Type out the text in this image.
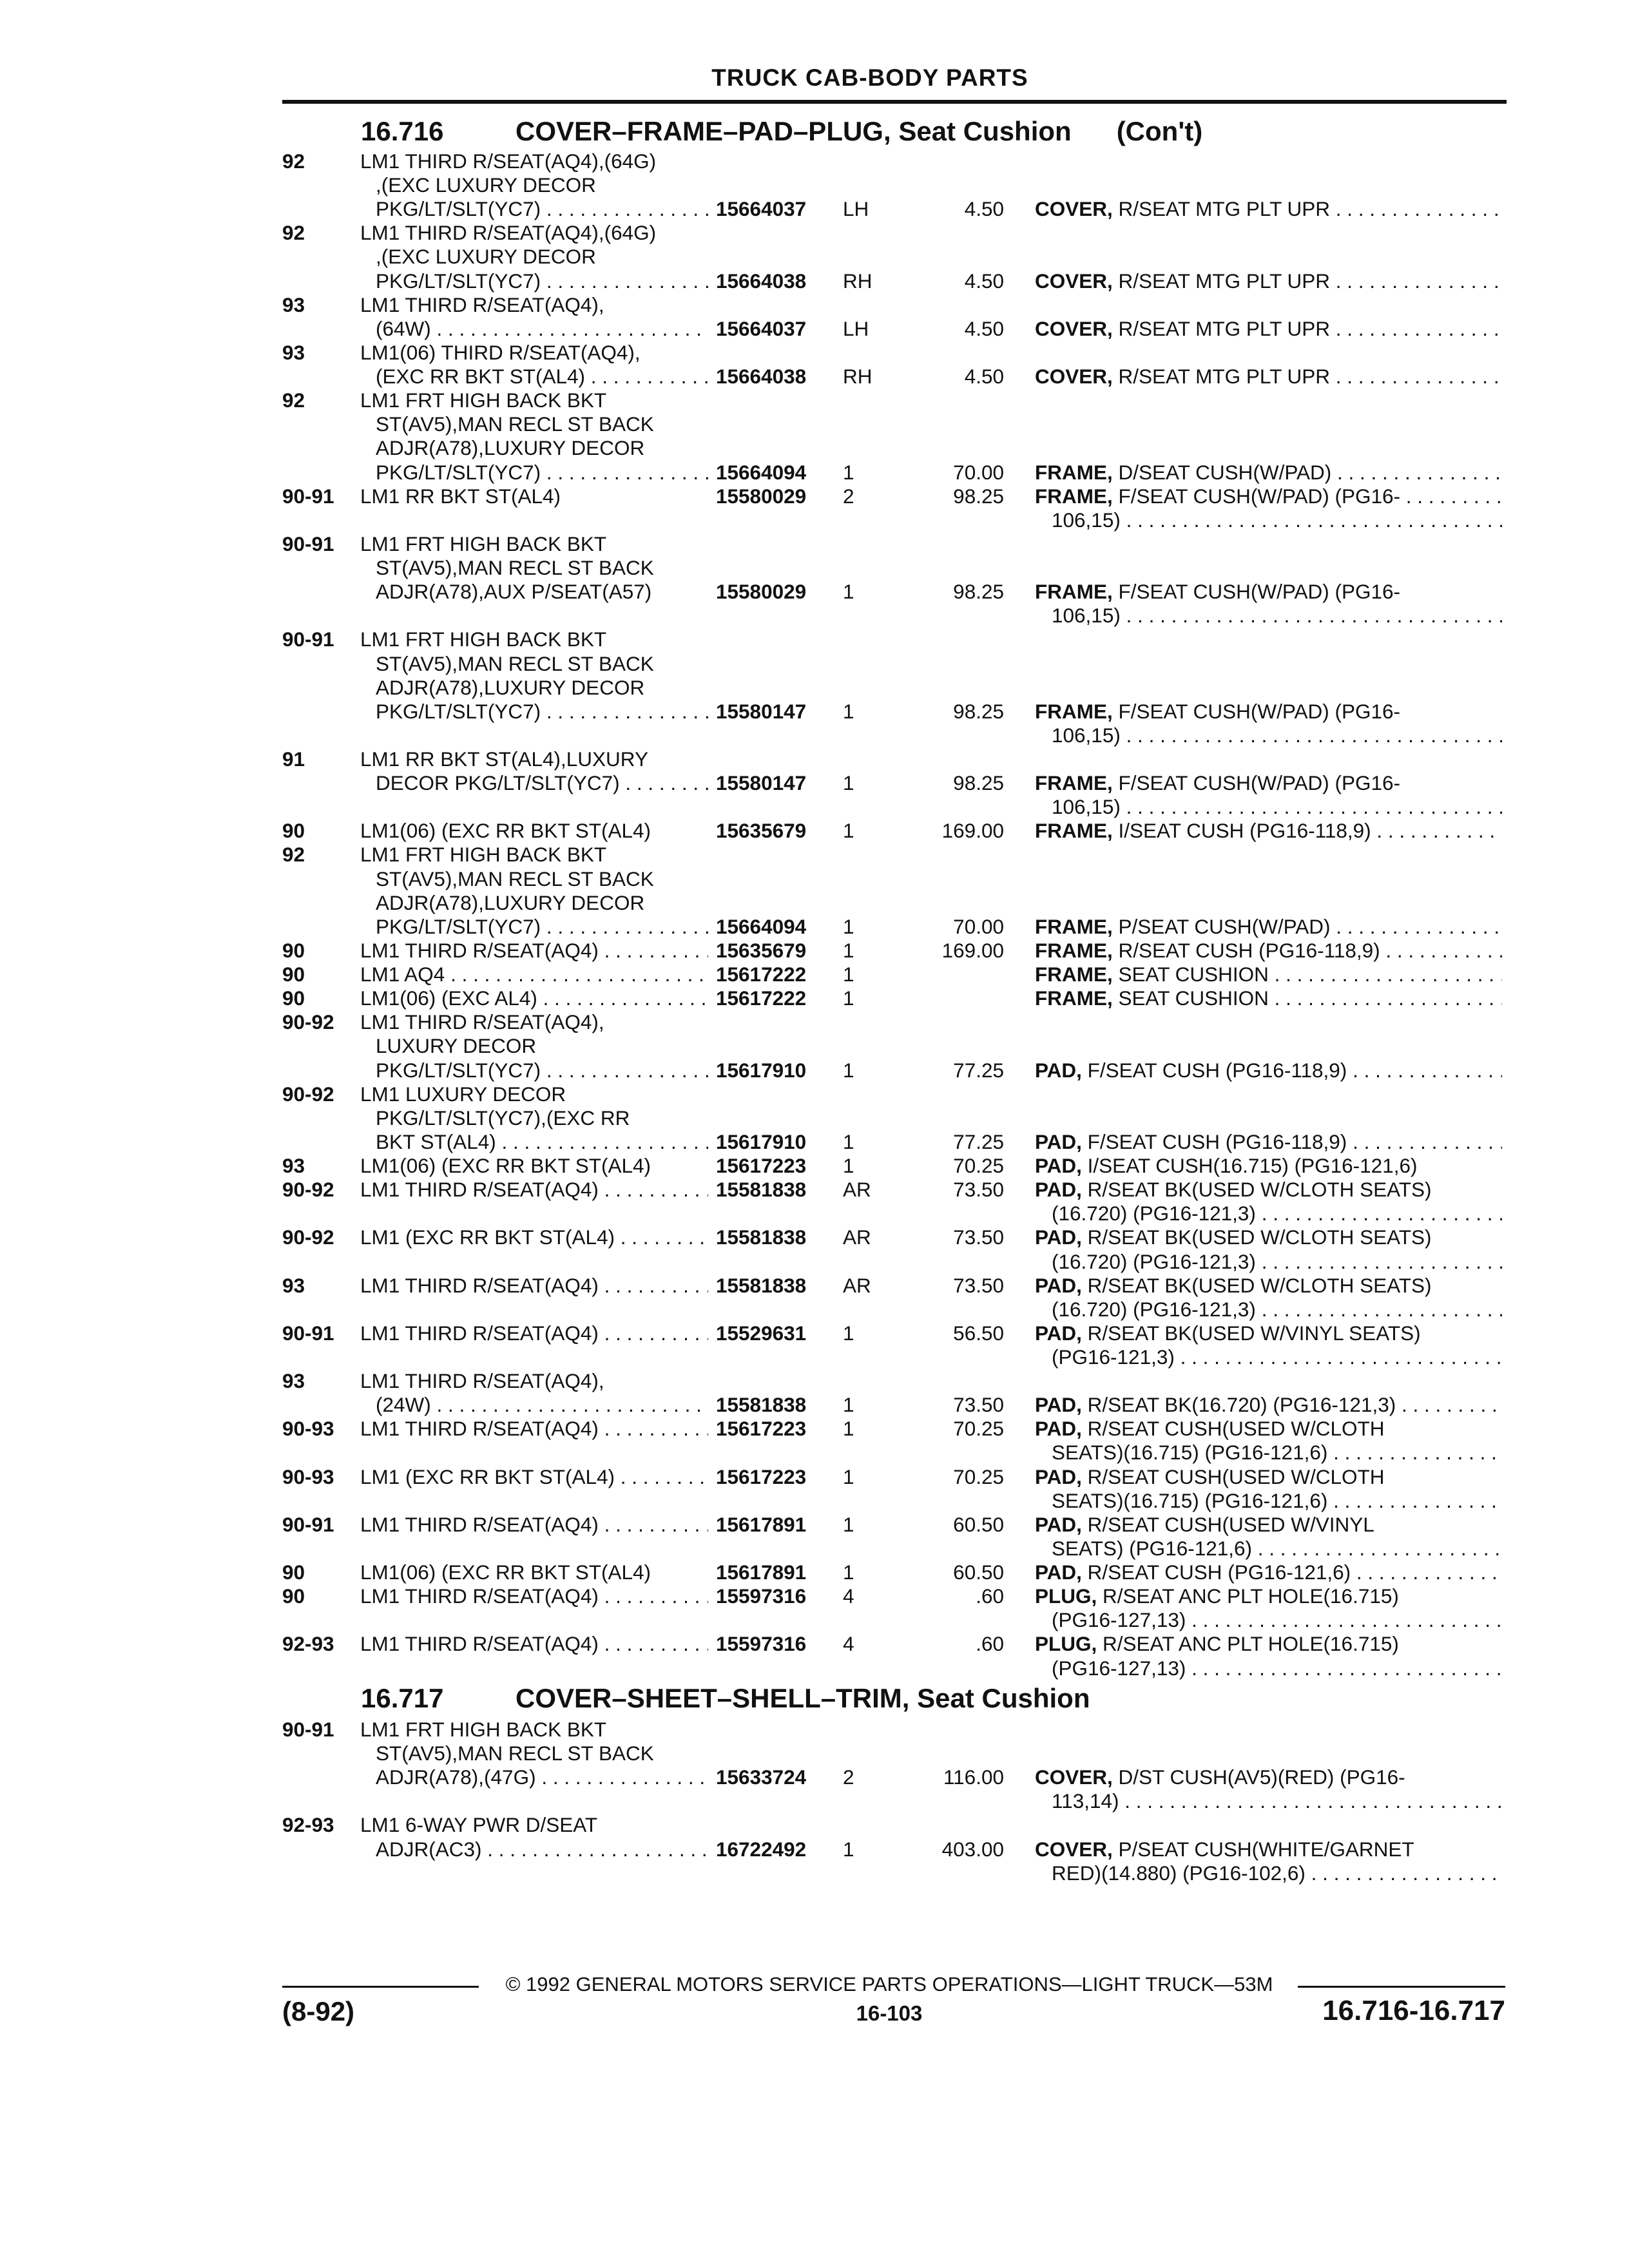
TRUCK CAB-BODY PARTS
16.716	COVER–FRAME–PAD–PLUG, Seat Cushion (Con't)
92	LM1 THIRD R/SEAT(AQ4),(64G)
,(EXC LUXURY DECOR
PKG/LT/SLT(YC7) . . .	15664037 LH	4.50 COVER, R/SEAT MTG PLT UPR . . .
92	LM1 THIRD R/SEAT(AQ4),(64G)
,(EXC LUXURY DECOR
PKG/LT/SLT(YC7) . . .	15664038 RH	4.50 COVER, R/SEAT MTG PLT UPR . . .
93	LM1 THIRD R/SEAT(AQ4),
(64W) . . .	15664037 LH	4.50 COVER, R/SEAT MTG PLT UPR . . .
93	LM1(06) THIRD R/SEAT(AQ4),
(EXC RR BKT ST(AL4) . . .	15664038 RH	4.50 COVER, R/SEAT MTG PLT UPR . . .
92	LM1 FRT HIGH BACK BKT
ST(AV5),MAN RECL ST BACK
ADJR(A78),LUXURY DECOR
PKG/LT/SLT(YC7) . . .	15664094 1	70.00 FRAME, D/SEAT CUSH(W/PAD) . . .
90-91 LM1 RR BKT ST(AL4)	15580029 2	98.25 FRAME, F/SEAT CUSH(W/PAD) (PG16- . . .
106,15) . . .
90-91 LM1 FRT HIGH BACK BKT
ST(AV5),MAN RECL ST BACK
ADJR(A78),AUX P/SEAT(A57)	15580029 1	98.25 FRAME, F/SEAT CUSH(W/PAD) (PG16-
106,15) . . .
90-91 LM1 FRT HIGH BACK BKT
ST(AV5),MAN RECL ST BACK
ADJR(A78),LUXURY DECOR
PKG/LT/SLT(YC7) . . .	15580147 1	98.25 FRAME, F/SEAT CUSH(W/PAD) (PG16-
106,15) . . .
91	LM1 RR BKT ST(AL4),LUXURY
DECOR PKG/LT/SLT(YC7) . . .	15580147 1	98.25 FRAME, F/SEAT CUSH(W/PAD) (PG16-
106,15) . . .
90	LM1(06) (EXC RR BKT ST(AL4)	15635679 1	169.00 FRAME, I/SEAT CUSH (PG16-118,9) . . .
92	LM1 FRT HIGH BACK BKT
ST(AV5),MAN RECL ST BACK
ADJR(A78),LUXURY DECOR
PKG/LT/SLT(YC7) . . .	15664094 1	70.00 FRAME, P/SEAT CUSH(W/PAD) . . .
90	LM1 THIRD R/SEAT(AQ4) . . .	15635679 1	169.00 FRAME, R/SEAT CUSH (PG16-118,9) . . .
90	LM1 AQ4 . . .	15617222 1	FRAME, SEAT CUSHION . . .
90	LM1(06) (EXC AL4) . . .	15617222 1	FRAME, SEAT CUSHION . . .
90-92 LM1 THIRD R/SEAT(AQ4),
LUXURY DECOR
PKG/LT/SLT(YC7) . . .	15617910 1	77.25 PAD, F/SEAT CUSH (PG16-118,9) . . .
90-92 LM1 LUXURY DECOR
PKG/LT/SLT(YC7),(EXC RR
BKT ST(AL4) . . .	15617910 1	77.25 PAD, F/SEAT CUSH (PG16-118,9) . . .
93	LM1(06) (EXC RR BKT ST(AL4)	15617223 1	70.25 PAD, I/SEAT CUSH(16.715) (PG16-121,6)
90-92 LM1 THIRD R/SEAT(AQ4) . . .	15581838 AR	73.50 PAD, R/SEAT BK(USED W/CLOTH SEATS)
(16.720) (PG16-121,3) . . .
90-92 LM1 (EXC RR BKT ST(AL4) . . .	15581838 AR	73.50 PAD, R/SEAT BK(USED W/CLOTH SEATS)
(16.720) (PG16-121,3) . . .
93	LM1 THIRD R/SEAT(AQ4) . . .	15581838 AR	73.50 PAD, R/SEAT BK(USED W/CLOTH SEATS)
(16.720) (PG16-121,3) . . .
90-91 LM1 THIRD R/SEAT(AQ4) . . .	15529631 1	56.50 PAD, R/SEAT BK(USED W/VINYL SEATS)
(PG16-121,3) . . .
93	LM1 THIRD R/SEAT(AQ4),
(24W) . . .	15581838 1	73.50 PAD, R/SEAT BK(16.720) (PG16-121,3) . . .
90-93 LM1 THIRD R/SEAT(AQ4) . . .	15617223 1	70.25 PAD, R/SEAT CUSH(USED W/CLOTH
SEATS)(16.715) (PG16-121,6) . . .
90-93 LM1 (EXC RR BKT ST(AL4) . . .	15617223 1	70.25 PAD, R/SEAT CUSH(USED W/CLOTH
SEATS)(16.715) (PG16-121,6) . . .
90-91 LM1 THIRD R/SEAT(AQ4) . . .	15617891 1	60.50 PAD, R/SEAT CUSH(USED W/VINYL
SEATS) (PG16-121,6) . . .
90	LM1(06) (EXC RR BKT ST(AL4)	15617891 1	60.50 PAD, R/SEAT CUSH (PG16-121,6) . . .
90	LM1 THIRD R/SEAT(AQ4) . . .	15597316 4	.60 PLUG, R/SEAT ANC PLT HOLE(16.715)
(PG16-127,13) . . .
92-93 LM1 THIRD R/SEAT(AQ4) . . .	15597316 4	.60 PLUG, R/SEAT ANC PLT HOLE(16.715)
(PG16-127,13) . . .
16.717	COVER–SHEET–SHELL–TRIM, Seat Cushion
90-91 LM1 FRT HIGH BACK BKT
ST(AV5),MAN RECL ST BACK
ADJR(A78),(47G) . . .	15633724 2	116.00 COVER, D/ST CUSH(AV5)(RED) (PG16-
113,14) . . .
92-93 LM1 6-WAY PWR D/SEAT
ADJR(AC3) . . .	16722492 1	403.00 COVER, P/SEAT CUSH(WHITE/GARNET
RED)(14.880) (PG16-102,6) . . .
© 1992 GENERAL MOTORS SERVICE PARTS OPERATIONS—LIGHT TRUCK—53M
(8-92)	16-103	16.716-16.717
